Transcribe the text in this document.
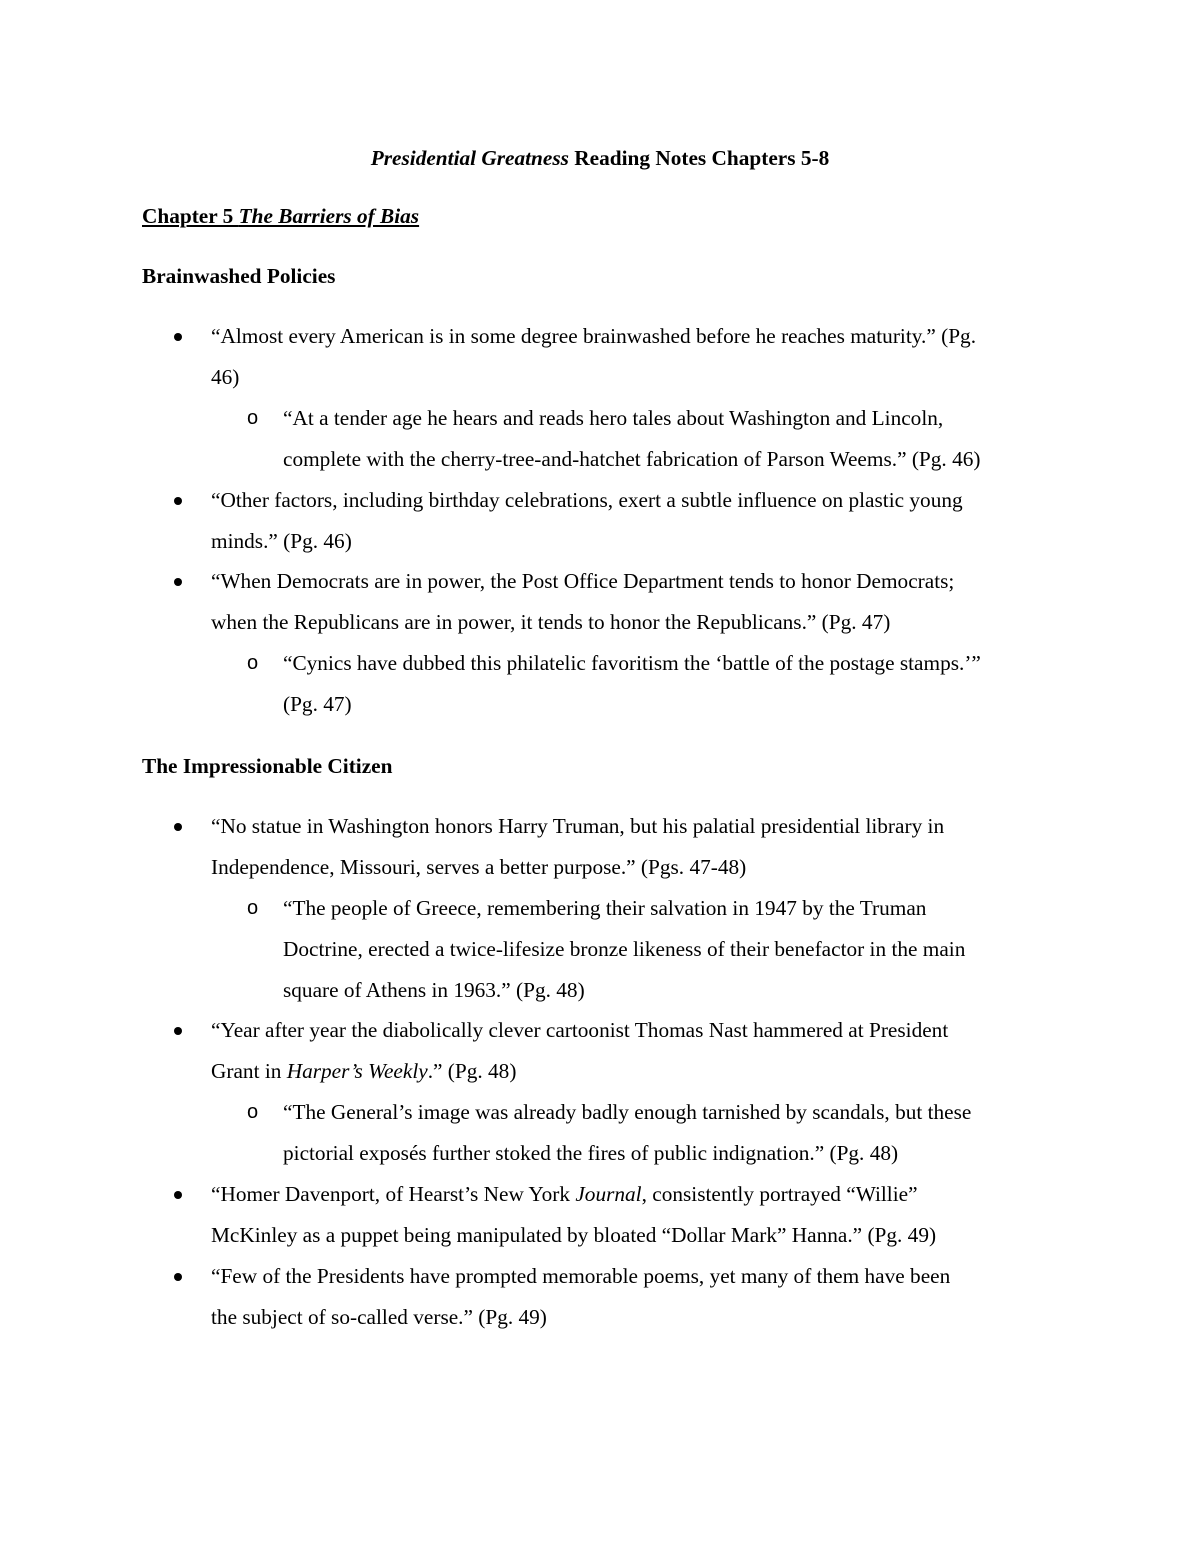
Presidential Greatness Reading Notes Chapters 5-8
Chapter 5 The Barriers of Bias
Brainwashed Policies
“Almost every American is in some degree brainwashed before he reaches maturity.” (Pg.
46)
o “At a tender age he hears and reads hero tales about Washington and Lincoln,
complete with the cherry-tree-and-hatchet fabrication of Parson Weems.” (Pg. 46)
“Other factors, including birthday celebrations, exert a subtle influence on plastic young
minds.” (Pg. 46)
“When Democrats are in power, the Post Office Department tends to honor Democrats;
when the Republicans are in power, it tends to honor the Republicans.” (Pg. 47)
o “Cynics have dubbed this philatelic favoritism the ‘battle of the postage stamps.’”
(Pg. 47)
The Impressionable Citizen
“No statue in Washington honors Harry Truman, but his palatial presidential library in
Independence, Missouri, serves a better purpose.” (Pgs. 47-48)
o “The people of Greece, remembering their salvation in 1947 by the Truman
Doctrine, erected a twice-lifesize bronze likeness of their benefactor in the main
square of Athens in 1963.” (Pg. 48)
“Year after year the diabolically clever cartoonist Thomas Nast hammered at President
Grant in Harper’s Weekly.” (Pg. 48)
o “The General’s image was already badly enough tarnished by scandals, but these
pictorial exposés further stoked the fires of public indignation.” (Pg. 48)
“Homer Davenport, of Hearst’s New York Journal, consistently portrayed “Willie”
McKinley as a puppet being manipulated by bloated “Dollar Mark” Hanna.” (Pg. 49)
“Few of the Presidents have prompted memorable poems, yet many of them have been
the subject of so-called verse.” (Pg. 49)
